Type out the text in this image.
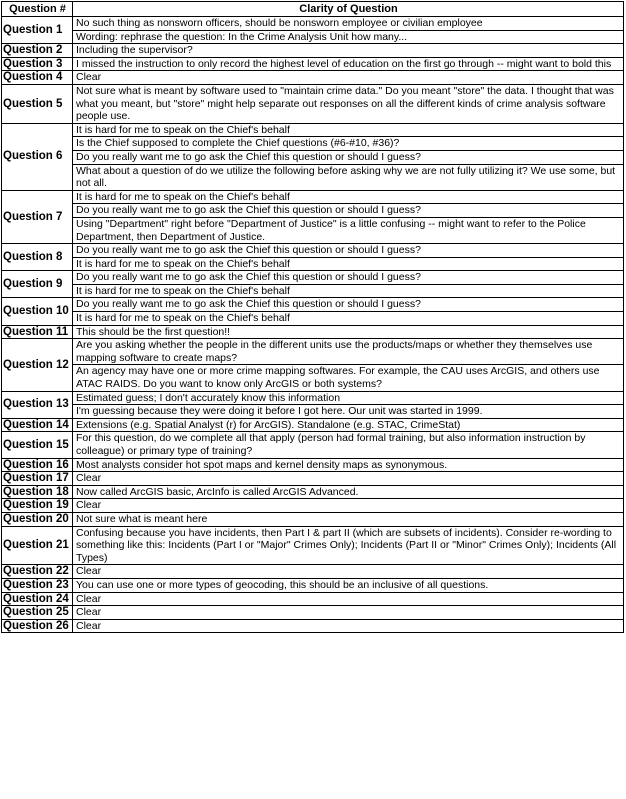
Question #	Clarity of Question
Question 1	No such thing as nonsworn officers, should be nonsworn employee or civilian employee
	Wording: rephrase the question: In the Crime Analysis Unit how many...
Question 2	Including the supervisor?
Question 3	I missed the instruction to only record the highest level of education on the first go through -- might want to bold this
Question 4	Clear
Question 5	Not sure what is meant by software used to "maintain crime data." Do you meant "store" the data. I thought that was what you meant, but "store" might help separate out responses on all the different kinds of crime analysis software people use.
Question 6	It is hard for me to speak on the Chief's behalf
	Is the Chief supposed to complete the Chief questions (#6-#10, #36)?
	Do you really want me to go ask the Chief this question or should I guess?
	What about a question of do we utilize the following before asking why we are not fully utilizing it? We use some, but not all.
Question 7	It is hard for me to speak on the Chief's behalf
	Do you really want me to go ask the Chief this question or should I guess?
	Using "Department" right before "Department of Justice" is a little confusing -- might want to refer to the Police Department, then Department of Justice.
Question 8	Do you really want me to go ask the Chief this question or should I guess?
	It is hard for me to speak on the Chief's behalf
Question 9	Do you really want me to go ask the Chief this question or should I guess?
	It is hard for me to speak on the Chief's behalf
Question 10	Do you really want me to go ask the Chief this question or should I guess?
	It is hard for me to speak on the Chief's behalf
Question 11	This should be the first question!!
Question 12	Are you asking whether the people in the different units use the products/maps or whether they themselves use mapping software to create maps?
	An agency may have one or more crime mapping softwares. For example, the CAU uses ArcGIS, and others use ATAC RAIDS. Do you want to know only ArcGIS or both systems?
Question 13	Estimated guess; I don't accurately know this information
	I'm guessing because they were doing it before I got here. Our unit was started in 1999.
Question 14	Extensions (e.g. Spatial Analyst (r) for ArcGIS). Standalone (e.g. STAC, CrimeStat)
Question 15	For this question, do we complete all that apply (person had formal training, but also information instruction by colleague) or primary type of training?
Question 16	Most analysts consider hot spot maps and kernel density maps as synonymous.
Question 17	Clear
Question 18	Now called ArcGIS basic, ArcInfo is called ArcGIS Advanced.
Question 19	Clear
Question 20	Not sure what is meant here
Question 21	Confusing because you have incidents, then Part I & part II (which are subsets of incidents). Consider re-wording to something like this: Incidents (Part I or "Major" Crimes Only); Incidents (Part II or "Minor" Crimes Only); Incidents (All Types)
Question 22	Clear
Question 23	You can use one or more types of geocoding, this should be an inclusive of all questions.
Question 24	Clear
Question 25	Clear
Question 26	Clear
